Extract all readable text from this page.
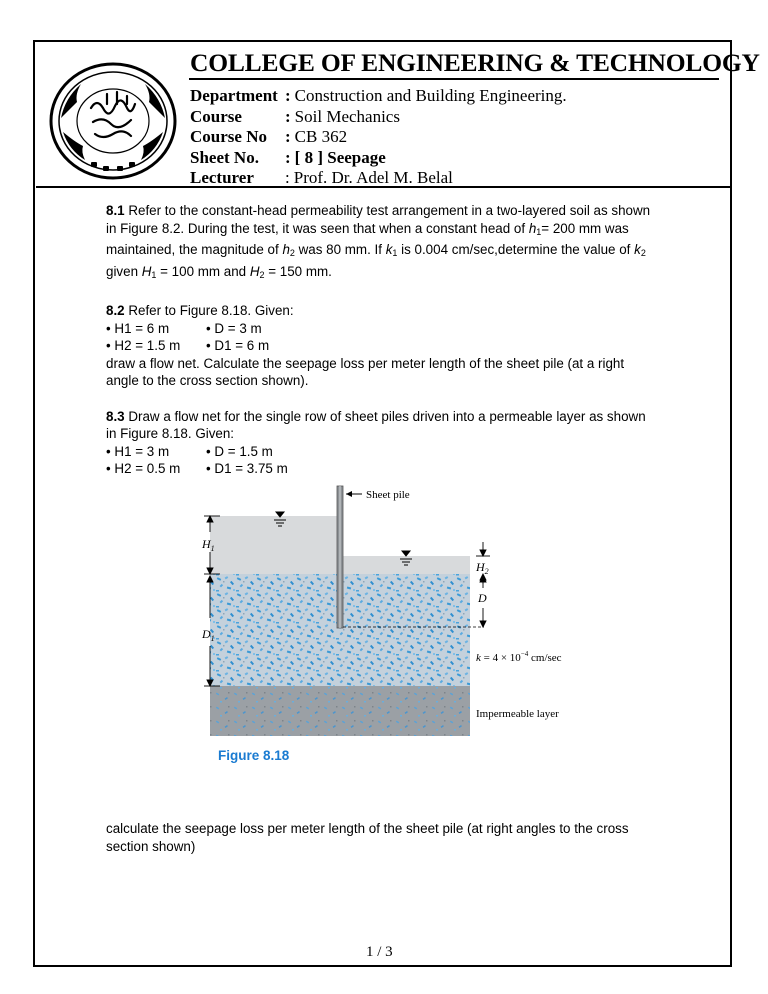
COLLEGE OF ENGINEERING & TECHNOLOGY
Department : Construction and Building Engineering.
Course	: Soil Mechanics
Course No	: CB 362
Sheet No.	: [ 8 ] Seepage
Lecturer	: Prof. Dr. Adel M. Belal

8.1 Refer to the constant-head permeability test arrangement in a two-layered soil as shown in Figure 8.2. During the test, it was seen that when a constant head of $h_1= 200$ mm was maintained, the magnitude of $h_2$ was 80 mm. If $k_1$ is 0.004 cm/sec,determine the value of $k_2$ given $H_1 = 100$ mm and $H_2 = 150$ mm.

8.2 Refer to Figure 8.18. Given:

• H1 = 6 m	• D = 3 m
• H2 = 1.5 m	• D1 = 6 m

draw a flow net. Calculate the seepage loss per meter length of the sheet pile (at a right angle to the cross section shown).

8.3 Draw a flow net for the single row of sheet piles driven into a permeable layer as shown in Figure 8.18. Given:

• H1 = 3 m	• D = 1.5 m
• H2 = 0.5 m	• D1 = 3.75 m
Sheet pile
$H_1$
$D_1$
$H_2$
D
$k = 4 \times 10^{-4}$ cm/sec
Impermeable layer
Figure 8.18
calculate the seepage loss per meter length of the sheet pile (at right angles to the cross section shown)
1 / 3
